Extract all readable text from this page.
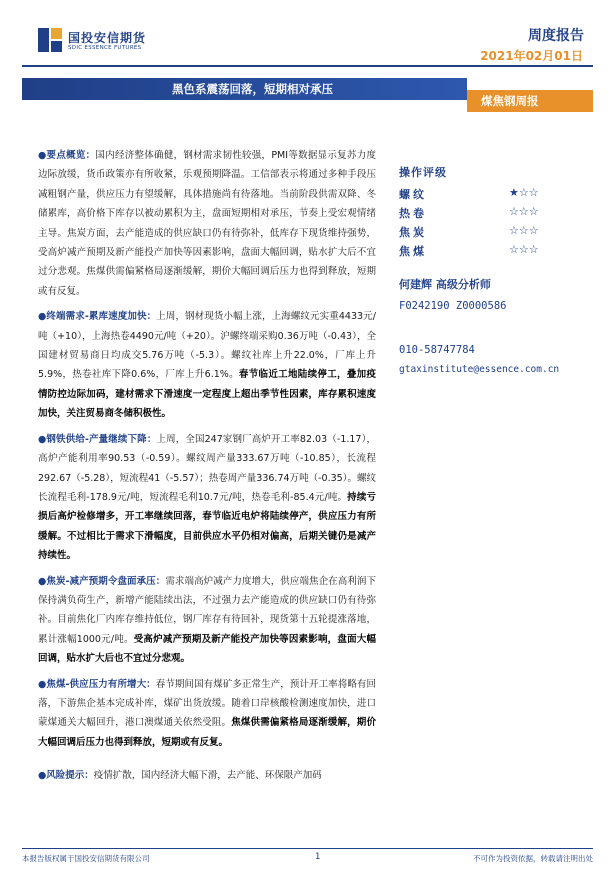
国投安信期货
SDIC ESSENCE FUTURES
周度报告
2021年02月01日
黑色系震荡回落，短期相对承压
煤焦钢周报

●要点概览：国内经济整体确健，钢材需求韧性较强，PMI等数据显示复苏力度边际放缓，货币政策亦有所收紧，乐观预期降温。工信部表示将通过多种手段压减粗钢产量，供应压力有望缓解，具体措施尚有待落地。当前阶段供需双降、冬储累库，高价格下库存以被动累积为主，盘面短期相对承压，节奏上受宏观情绪主导。焦炭方面，去产能造成的供应缺口仍有待弥补，低库存下现货维持强势，受高炉减产预期及新产能投产加快等因素影响，盘面大幅回调，贴水扩大后不宜过分悲观。焦煤供需偏紧格局逐渐缓解，期价大幅回调后压力也得到释放，短期或有反复。

●终端需求-累库速度加快：上周，钢材现货小幅上涨，上海螺纹元实重4433元/吨（+10），上海热卷4490元/吨（+20）。沪螺终端采购0.36万吨（-0.43），全国建材贸易商日均成交5.76万吨（-5.3）。螺纹社库上升22.0%，厂库上升5.9%，热卷社库下降0.6%，厂库上升6.1%。春节临近工地陆续停工，叠加疫情防控边际加码，建材需求下滑速度一定程度上超出季节性因素，库存累积速度加快，关注贸易商冬储积极性。

●钢铁供给-产量继续下降：上周，全国247家钢厂高炉开工率82.03（-1.17），高炉产能利用率90.53（-0.59）。螺纹周产量333.67万吨（-10.85），长流程292.67（-5.28），短流程41（-5.57）；热卷周产量336.74万吨（-0.35）。螺纹长流程毛利-178.9元/吨，短流程毛利10.7元/吨，热卷毛利-85.4元/吨。持续亏损后高炉检修增多，开工率继续回落，春节临近电炉将陆续停产，供应压力有所缓解。不过相比于需求下滑幅度，目前供应水平仍相对偏高，后期关键仍是减产持续性。

●焦炭-减产预期令盘面承压：需求端高炉减产力度增大，供应端焦企在高利润下保持满负荷生产，新增产能陆续出法，不过强力去产能造成的供应缺口仍有待弥补。目前焦化厂内库存维持低位，钢厂库存有待回补，现货第十五轮提涨落地，累计涨幅1000元/吨。受高炉减产预期及新产能投产加快等因素影响，盘面大幅回调，贴水扩大后也不宜过分悲观。

●焦煤-供应压力有所增大：春节期间国有煤矿多正常生产，预计开工率将略有回落，下游焦企基本完成补库，煤矿出货放缓。随着口岸核酸检测速度加快，进口蒙煤通关大幅回升，港口澳煤通关依然受阻。焦煤供需偏紧格局逐渐缓解，期价大幅回调后压力也得到释放，短期或有反复。

●风险提示：疫情扩散，国内经济大幅下滑，去产能、环保限产加码

操作评级
螺纹	★☆☆
热卷	☆☆☆
焦炭	☆☆☆
焦煤	☆☆☆
何建辉 高级分析师
F0242190 Z0000586
010-58747784
gtaxinstitute@essence.com.cn
本报告版权属于国投安信期货有限公司	1	不可作为投资依据，转载请注明出处
